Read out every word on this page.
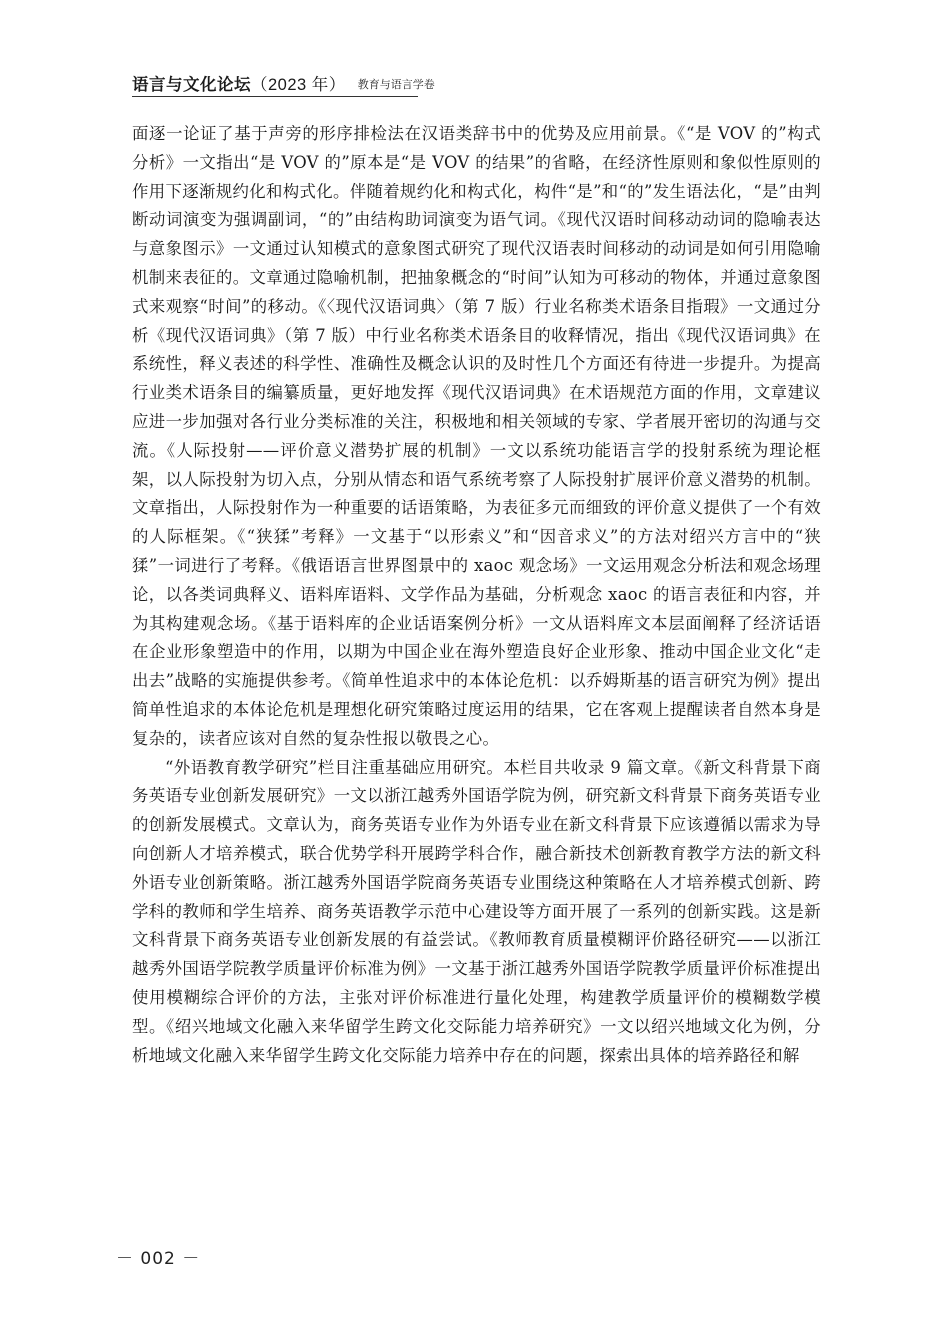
语言与文化论坛（2023 年） 教育与语言学卷

面逐一论证了基于声旁的形序排检法在汉语类辞书中的优势及应用前景。《“是 VOV 的”构式分析》一文指出“是 VOV 的”原本是“是 VOV 的结果”的省略，在经济性原则和象似性原则的作用下逐渐规约化和构式化。伴随着规约化和构式化，构件“是”和“的”发生语法化，“是”由判断动词演变为强调副词，“的”由结构助词演变为语气词。《现代汉语时间移动动词的隐喻表达与意象图示》一文通过认知模式的意象图式研究了现代汉语表时间移动的动词是如何引用隐喻机制来表征的。文章通过隐喻机制，把抽象概念的“时间”认知为可移动的物体，并通过意象图式来观察“时间”的移动。《〈现代汉语词典〉（第 7 版）行业名称类术语条目指瑕》一文通过分析《现代汉语词典》（第 7 版）中行业名称类术语条目的收释情况，指出《现代汉语词典》在系统性，释义表述的科学性、准确性及概念认识的及时性几个方面还有待进一步提升。为提高行业类术语条目的编纂质量，更好地发挥《现代汉语词典》在术语规范方面的作用，文章建议应进一步加强对各行业分类标准的关注，积极地和相关领域的专家、学者展开密切的沟通与交流。《人际投射——评价意义潜势扩展的机制》一文以系统功能语言学的投射系统为理论框架，以人际投射为切入点，分别从情态和语气系统考察了人际投射扩展评价意义潜势的机制。文章指出，人际投射作为一种重要的话语策略，为表征多元而细致的评价意义提供了一个有效的人际框架。《“狭猱”考释》一文基于“以形索义”和“因音求义”的方法对绍兴方言中的“狭猱”一词进行了考释。《俄语语言世界图景中的 xaoc 观念场》一文运用观念分析法和观念场理论，以各类词典释义、语料库语料、文学作品为基础，分析观念 xaoc 的语言表征和内容，并为其构建观念场。《基于语料库的企业话语案例分析》一文从语料库文本层面阐释了经济话语在企业形象塑造中的作用，以期为中国企业在海外塑造良好企业形象、推动中国企业文化“走出去”战略的实施提供参考。《简单性追求中的本体论危机：以乔姆斯基的语言研究为例》提出简单性追求的本体论危机是理想化研究策略过度运用的结果，它在客观上提醒读者自然本身是复杂的，读者应该对自然的复杂性报以敬畏之心。

“外语教育教学研究”栏目注重基础应用研究。本栏目共收录 9 篇文章。《新文科背景下商务英语专业创新发展研究》一文以浙江越秀外国语学院为例，研究新文科背景下商务英语专业的创新发展模式。文章认为，商务英语专业作为外语专业在新文科背景下应该遵循以需求为导向创新人才培养模式，联合优势学科开展跨学科合作，融合新技术创新教育教学方法的新文科外语专业创新策略。浙江越秀外国语学院商务英语专业围绕这种策略在人才培养模式创新、跨学科的教师和学生培养、商务英语教学示范中心建设等方面开展了一系列的创新实践。这是新文科背景下商务英语专业创新发展的有益尝试。《教师教育质量模糊评价路径研究——以浙江越秀外国语学院教学质量评价标准为例》一文基于浙江越秀外国语学院教学质量评价标准提出使用模糊综合评价的方法，主张对评价标准进行量化处理，构建教学质量评价的模糊数学模型。《绍兴地域文化融入来华留学生跨文化交际能力培养研究》一文以绍兴地域文化为例，分析地域文化融入来华留学生跨文化交际能力培养中存在的问题，探索出具体的培养路径和解

－ 002 －
